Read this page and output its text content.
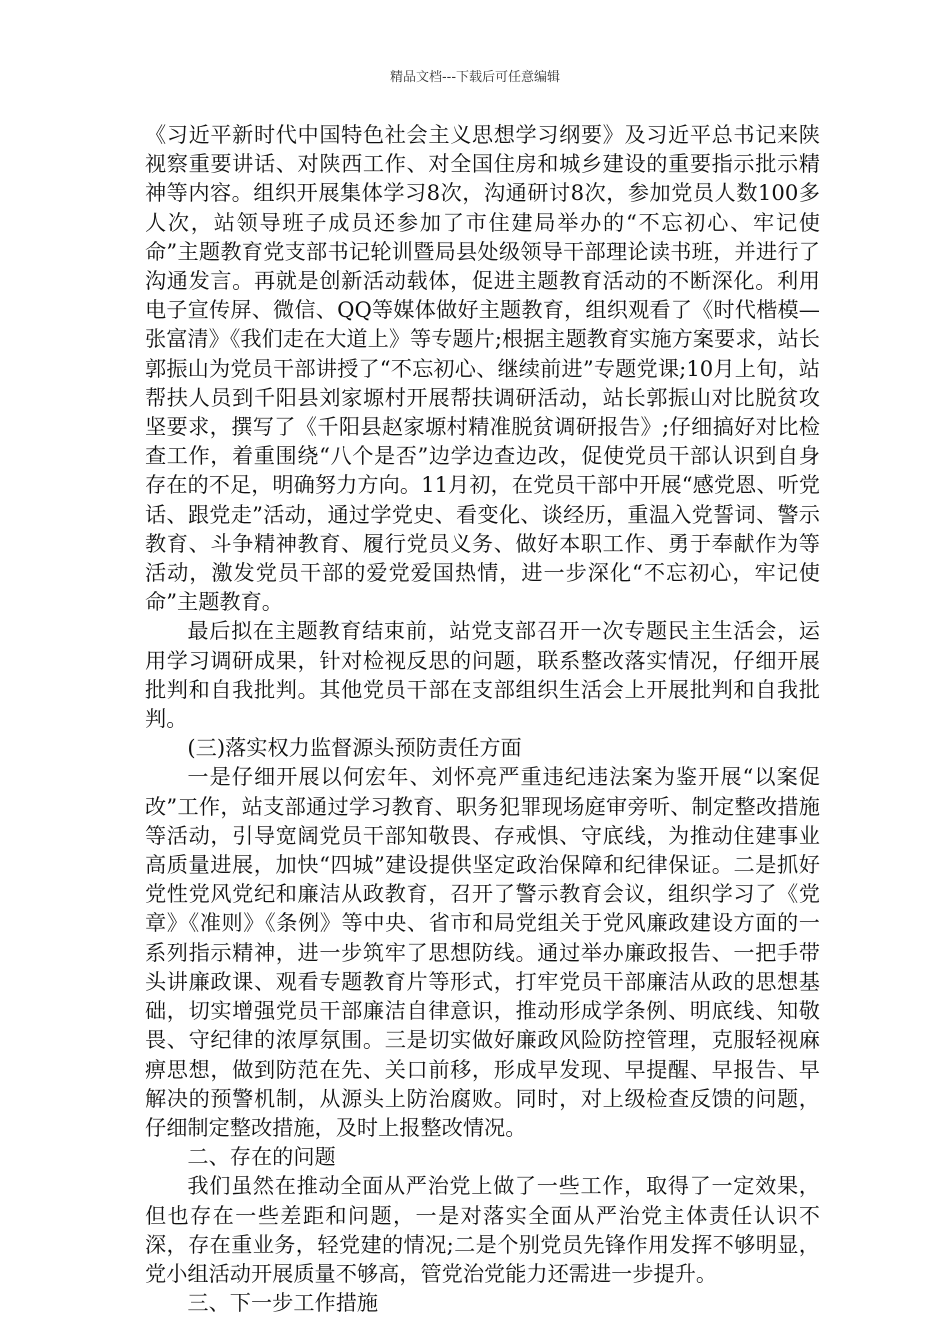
精品文档---下载后可任意编辑

《习近平新时代中国特色社会主义思想学习纲要》及习近平总书记来陕视察重要讲话、对陕西工作、对全国住房和城乡建设的重要指示批示精神等内容。组织开展集体学习8次，沟通研讨8次，参加党员人数100多人次，站领导班子成员还参加了市住建局举办的“不忘初心、牢记使命”主题教育党支部书记轮训暨局县处级领导干部理论读书班，并进行了沟通发言。再就是创新活动载体，促进主题教育活动的不断深化。利用电子宣传屏、微信、QQ等媒体做好主题教育，组织观看了《时代楷模—张富清》《我们走在大道上》等专题片;根据主题教育实施方案要求，站长郭振山为党员干部讲授了“不忘初心、继续前进”专题党课;10月上旬，站帮扶人员到千阳县刘家塬村开展帮扶调研活动，站长郭振山对比脱贫攻坚要求，撰写了《千阳县赵家塬村精准脱贫调研报告》;仔细搞好对比检查工作，着重围绕“八个是否”边学边查边改，促使党员干部认识到自身存在的不足，明确努力方向。11月初，在党员干部中开展“感党恩、听党话、跟党走”活动，通过学党史、看变化、谈经历，重温入党誓词、警示教育、斗争精神教育、履行党员义务、做好本职工作、勇于奉献作为等活动，激发党员干部的爱党爱国热情，进一步深化“不忘初心，牢记使命”主题教育。

最后拟在主题教育结束前，站党支部召开一次专题民主生活会，运用学习调研成果，针对检视反思的问题，联系整改落实情况，仔细开展批判和自我批判。其他党员干部在支部组织生活会上开展批判和自我批判。

(三)落实权力监督源头预防责任方面

一是仔细开展以何宏年、刘怀亮严重违纪违法案为鉴开展“以案促改”工作，站支部通过学习教育、职务犯罪现场庭审旁听、制定整改措施等活动，引导宽阔党员干部知敬畏、存戒惧、守底线，为推动住建事业高质量进展，加快“四城”建设提供坚定政治保障和纪律保证。二是抓好党性党风党纪和廉洁从政教育，召开了警示教育会议，组织学习了《党章》《准则》《条例》等中央、省市和局党组关于党风廉政建设方面的一系列指示精神，进一步筑牢了思想防线。通过举办廉政报告、一把手带头讲廉政课、观看专题教育片等形式，打牢党员干部廉洁从政的思想基础，切实增强党员干部廉洁自律意识，推动形成学条例、明底线、知敬畏、守纪律的浓厚氛围。三是切实做好廉政风险防控管理，克服轻视麻痹思想，做到防范在先、关口前移，形成早发现、早提醒、早报告、早解决的预警机制，从源头上防治腐败。同时，对上级检查反馈的问题，仔细制定整改措施，及时上报整改情况。

二、存在的问题

我们虽然在推动全面从严治党上做了一些工作，取得了一定效果，但也存在一些差距和问题，一是对落实全面从严治党主体责任认识不深，存在重业务，轻党建的情况;二是个别党员先锋作用发挥不够明显，党小组活动开展质量不够高，管党治党能力还需进一步提升。

三、下一步工作措施
